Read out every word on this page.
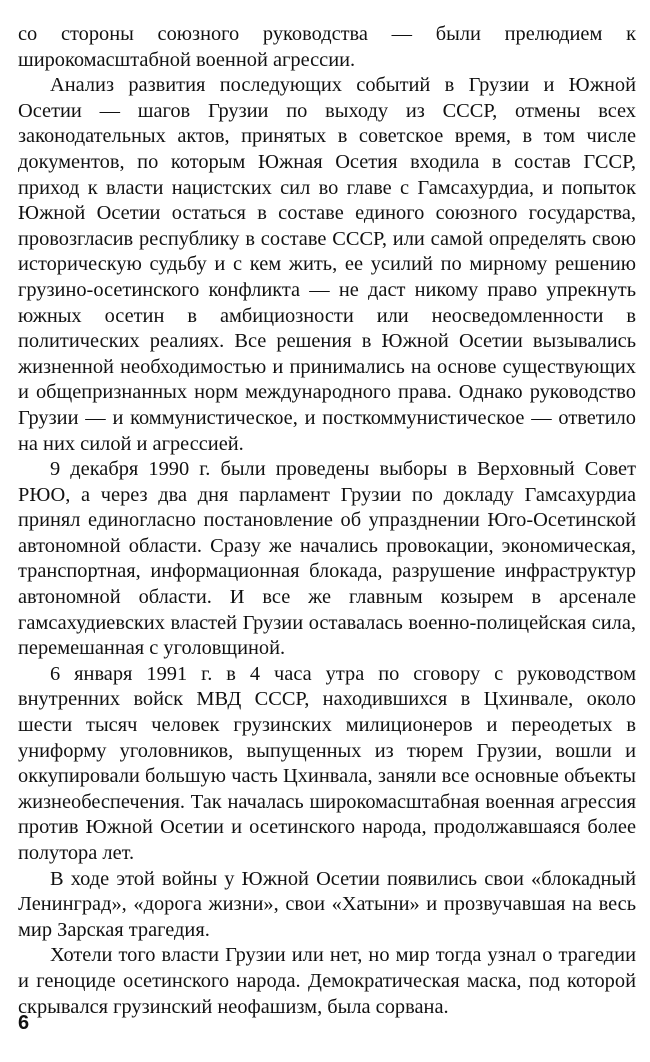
со стороны союзного руководства — были прелюдием к широкомасштабной военной агрессии.

Анализ развития последующих событий в Грузии и Южной Осетии — шагов Грузии по выходу из СССР, отмены всех законодательных актов, принятых в советское время, в том числе документов, по которым Южная Осетия входила в состав ГССР, приход к власти нацистских сил во главе с Гамсахурдиа, и попыток Южной Осетии остаться в составе единого союзного государства, провозгласив республику в составе СССР, или самой определять свою историческую судьбу и с кем жить, ее усилий по мирному решению грузино-осетинского конфликта — не даст никому право упрекнуть южных осетин в амбициозности или неосведомленности в политических реалиях. Все решения в Южной Осетии вызывались жизненной необходимостью и принимались на основе существующих и общепризнанных норм международного права. Однако руководство Грузии — и коммунистическое, и посткоммунистическое — ответило на них силой и агрессией.

9 декабря 1990 г. были проведены выборы в Верховный Совет РЮО, а через два дня парламент Грузии по докладу Гамсахурдиа принял единогласно постановление об упразднении Юго-Осетинской автономной области. Сразу же начались провокации, экономическая, транспортная, информационная блокада, разрушение инфраструктур автономной области. И все же главным козырем в арсенале гамсахудиевских властей Грузии оставалась военно-полицейская сила, перемешанная с уголовщиной.

6 января 1991 г. в 4 часа утра по сговору с руководством внутренних войск МВД СССР, находившихся в Цхинвале, около шести тысяч человек грузинских милиционеров и переодетых в униформу уголовников, выпущенных из тюрем Грузии, вошли и оккупировали большую часть Цхинвала, заняли все основные объекты жизнеобеспечения. Так началась широкомасштабная военная агрессия против Южной Осетии и осетинского народа, продолжавшаяся более полутора лет.

В ходе этой войны у Южной Осетии появились свои «блокадный Ленинград», «дорога жизни», свои «Хатыни» и прозвучавшая на весь мир Зарская трагедия.

Хотели того власти Грузии или нет, но мир тогда узнал о трагедии и геноциде осетинского народа. Демократическая маска, под которой скрывался грузинский неофашизм, была сорвана.

6
